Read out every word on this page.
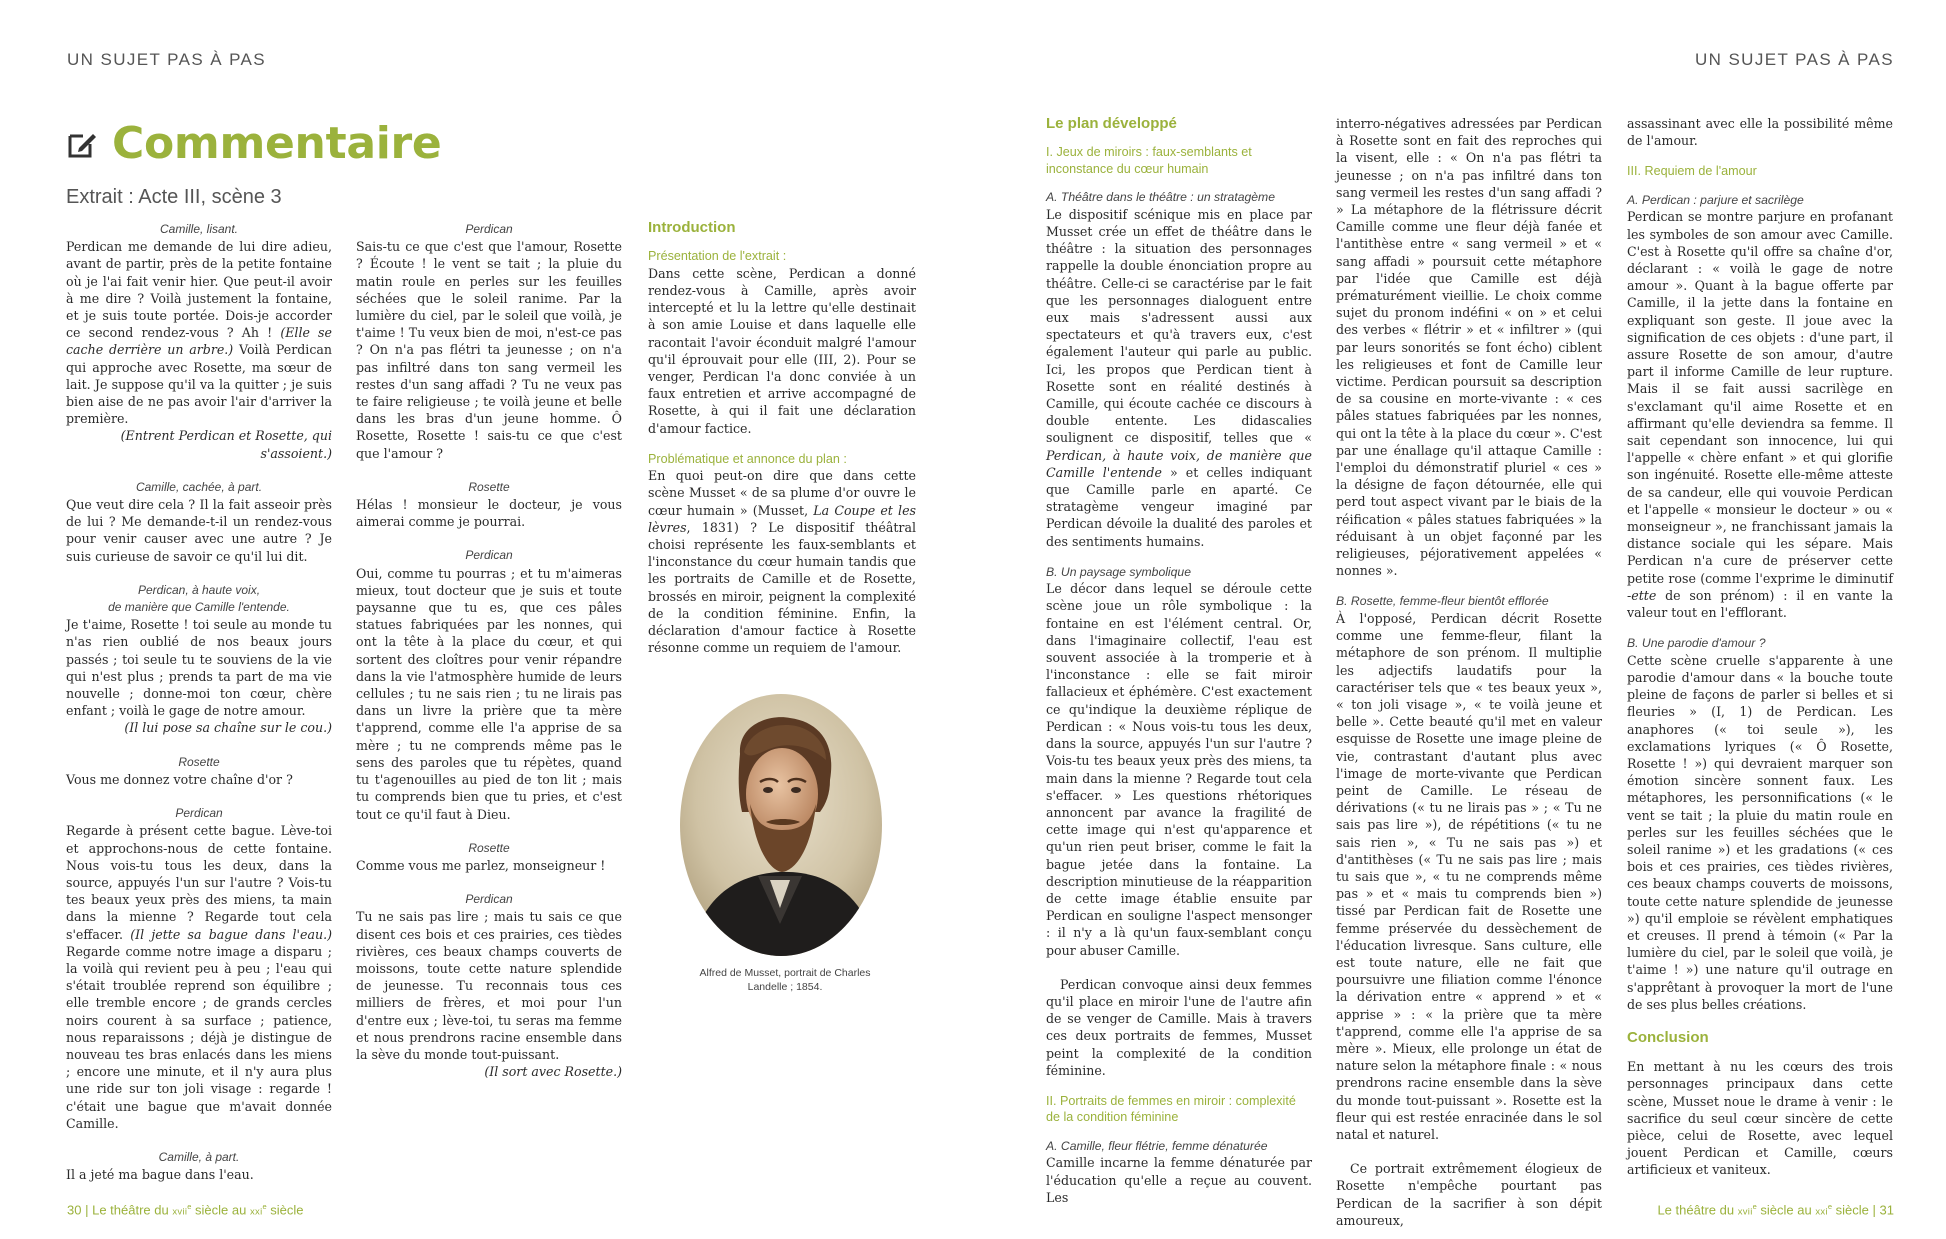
UN SUJET PAS À PAS	UN SUJET PAS À PAS
Commentaire
Extrait : Acte III, scène 3
Camille, lisant.

Perdican me demande de lui dire adieu, avant de partir, près de la petite fontaine où je l'ai fait venir hier. Que peut-il avoir à me dire ? Voilà justement la fontaine, et je suis toute portée. Dois-je accorder ce second rendez-vous ? Ah ! (Elle se cache derrière un arbre.) Voilà Perdican qui approche avec Rosette, ma sœur de lait. Je suppose qu'il va la quitter ; je suis bien aise de ne pas avoir l'air d'arriver la première.

(Entrent Perdican et Rosette, qui s'assoient.)
Camille, cachée, à part.

Que veut dire cela ? Il la fait asseoir près de lui ? Me demande-t-il un rendez-vous pour venir causer avec une autre ? Je suis curieuse de savoir ce qu'il lui dit.

Perdican, à haute voix,
de manière que Camille l'entende.

Je t'aime, Rosette ! toi seule au monde tu n'as rien oublié de nos beaux jours passés ; toi seule tu te souviens de la vie qui n'est plus ; prends ta part de ma vie nouvelle ; donne-moi ton cœur, chère enfant ; voilà le gage de notre amour.

(Il lui pose sa chaîne sur le cou.)
Rosette

Vous me donnez votre chaîne d'or ?

Perdican

Regarde à présent cette bague. Lève-toi et approchons-nous de cette fontaine. Nous vois-tu tous les deux, dans la source, appuyés l'un sur l'autre ? Vois-tu tes beaux yeux près des miens, ta main dans la mienne ? Regarde tout cela s'effacer. (Il jette sa bague dans l'eau.) Regarde comme notre image a disparu ; la voilà qui revient peu à peu ; l'eau qui s'était troublée reprend son équilibre ; elle tremble encore ; de grands cercles noirs courent à sa surface ; patience, nous reparaissons ; déjà je distingue de nouveau tes bras enlacés dans les miens ; encore une minute, et il n'y aura plus une ride sur ton joli visage : regarde ! c'était une bague que m'avait donnée Camille.

Camille, à part.

Il a jeté ma bague dans l'eau.

Perdican

Sais-tu ce que c'est que l'amour, Rosette ? Écoute ! le vent se tait ; la pluie du matin roule en perles sur les feuilles séchées que le soleil ranime. Par la lumière du ciel, par le soleil que voilà, je t'aime ! Tu veux bien de moi, n'est-ce pas ? On n'a pas flétri ta jeunesse ; on n'a pas infiltré dans ton sang vermeil les restes d'un sang affadi ? Tu ne veux pas te faire religieuse ; te voilà jeune et belle dans les bras d'un jeune homme. Ô Rosette, Rosette ! sais-tu ce que c'est que l'amour ?

Rosette

Hélas ! monsieur le docteur, je vous aimerai comme je pourrai.

Perdican

Oui, comme tu pourras ; et tu m'aimeras mieux, tout docteur que je suis et toute paysanne que tu es, que ces pâles statues fabriquées par les nonnes, qui ont la tête à la place du cœur, et qui sortent des cloîtres pour venir répandre dans la vie l'atmosphère humide de leurs cellules ; tu ne sais rien ; tu ne lirais pas dans un livre la prière que ta mère t'apprend, comme elle l'a apprise de sa mère ; tu ne comprends même pas le sens des paroles que tu répètes, quand tu t'agenouilles au pied de ton lit ; mais tu comprends bien que tu pries, et c'est tout ce qu'il faut à Dieu.

Rosette

Comme vous me parlez, monseigneur !

Perdican

Tu ne sais pas lire ; mais tu sais ce que disent ces bois et ces prairies, ces tièdes rivières, ces beaux champs couverts de moissons, toute cette nature splendide de jeunesse. Tu reconnais tous ces milliers de frères, et moi pour l'un d'entre eux ; lève-toi, tu seras ma femme et nous prendrons racine ensemble dans la sève du monde tout-puissant.

(Il sort avec Rosette.)
Introduction
Présentation de l'extrait :

Dans cette scène, Perdican a donné rendez-vous à Camille, après avoir intercepté et lu la lettre qu'elle destinait à son amie Louise et dans laquelle elle racontait l'avoir éconduit malgré l'amour qu'il éprouvait pour elle (III, 2). Pour se venger, Perdican l'a donc conviée à un faux entretien et arrive accompagné de Rosette, à qui il fait une déclaration d'amour factice.

Problématique et annonce du plan :

En quoi peut-on dire que dans cette scène Musset « de sa plume d'or ouvre le cœur humain » (Musset, La Coupe et les lèvres, 1831) ? Le dispositif théâtral choisi représente les faux-semblants et l'inconstance du cœur humain tandis que les portraits de Camille et de Rosette, brossés en miroir, peignent la complexité de la condition féminine. Enfin, la déclaration d'amour factice à Rosette résonne comme un requiem de l'amour.

Alfred de Musset, portrait de Charles Landelle ; 1854.
Le plan développé
I. Jeux de miroirs : faux-semblants et inconstance du cœur humain
A. Théâtre dans le théâtre : un stratagème

Le dispositif scénique mis en place par Musset crée un effet de théâtre dans le théâtre : la situation des personnages rappelle la double énonciation propre au théâtre. Celle-ci se caractérise par le fait que les personnages dialoguent entre eux mais s'adressent aussi aux spectateurs et qu'à travers eux, c'est également l'auteur qui parle au public. Ici, les propos que Perdican tient à Rosette sont en réalité destinés à Camille, qui écoute cachée ce discours à double entente. Les didascalies soulignent ce dispositif, telles que « Perdican, à haute voix, de manière que Camille l'entende » et celles indiquant que Camille parle en aparté. Ce stratagème vengeur imaginé par Perdican dévoile la dualité des paroles et des sentiments humains.

B. Un paysage symbolique

Le décor dans lequel se déroule cette scène joue un rôle symbolique : la fontaine en est l'élément central. Or, dans l'imaginaire collectif, l'eau est souvent associée à la tromperie et à l'inconstance : elle se fait miroir fallacieux et éphémère. C'est exactement ce qu'indique la deuxième réplique de Perdican : « Nous vois-tu tous les deux, dans la source, appuyés l'un sur l'autre ? Vois-tu tes beaux yeux près des miens, ta main dans la mienne ? Regarde tout cela s'effacer. » Les questions rhétoriques annoncent par avance la fragilité de cette image qui n'est qu'apparence et qu'un rien peut briser, comme le fait la bague jetée dans la fontaine. La description minutieuse de la réapparition de cette image établie ensuite par Perdican en souligne l'aspect mensonger : il n'y a là qu'un faux-semblant conçu pour abuser Camille.

Perdican convoque ainsi deux femmes qu'il place en miroir l'une de l'autre afin de se venger de Camille. Mais à travers ces deux portraits de femmes, Musset peint la complexité de la condition féminine.

II. Portraits de femmes en miroir : complexité de la condition féminine
A. Camille, fleur flétrie, femme dénaturée

Camille incarne la femme dénaturée par l'éducation qu'elle a reçue au couvent. Les

interro-négatives adressées par Perdican à Rosette sont en fait des reproches qui la visent, elle : « On n'a pas flétri ta jeunesse ; on n'a pas infiltré dans ton sang vermeil les restes d'un sang affadi ? » La métaphore de la flétrissure décrit Camille comme une fleur déjà fanée et l'antithèse entre « sang vermeil » et « sang affadi » poursuit cette métaphore par l'idée que Camille est déjà prématurément vieillie. Le choix comme sujet du pronom indéfini « on » et celui des verbes « flétrir » et « infiltrer » (qui par leurs sonorités se font écho) ciblent les religieuses et font de Camille leur victime. Perdican poursuit sa description de sa cousine en morte-vivante : « ces pâles statues fabriquées par les nonnes, qui ont la tête à la place du cœur ». C'est par une énallage qu'il attaque Camille : l'emploi du démonstratif pluriel « ces » la désigne de façon détournée, elle qui perd tout aspect vivant par le biais de la réification « pâles statues fabriquées » la réduisant à un objet façonné par les religieuses, péjorativement appelées « nonnes ».

B. Rosette, femme-fleur bientôt efflorée

À l'opposé, Perdican décrit Rosette comme une femme-fleur, filant la métaphore de son prénom. Il multiplie les adjectifs laudatifs pour la caractériser tels que « tes beaux yeux », « ton joli visage », « te voilà jeune et belle ». Cette beauté qu'il met en valeur esquisse de Rosette une image pleine de vie, contrastant d'autant plus avec l'image de morte-vivante que Perdican peint de Camille. Le réseau de dérivations (« tu ne lirais pas » ; « Tu ne sais pas lire »), de répétitions (« tu ne sais rien », « Tu ne sais pas ») et d'antithèses (« Tu ne sais pas lire ; mais tu sais que », « tu ne comprends même pas » et « mais tu comprends bien ») tissé par Perdican fait de Rosette une femme préservée du dessèchement de l'éducation livresque. Sans culture, elle est toute nature, elle ne fait que poursuivre une filiation comme l'énonce la dérivation entre « apprend » et « apprise » : « la prière que ta mère t'apprend, comme elle l'a apprise de sa mère ». Mieux, elle prolonge un état de nature selon la métaphore finale : « nous prendrons racine ensemble dans la sève du monde tout-puissant ». Rosette est la fleur qui est restée enracinée dans le sol natal et naturel.

Ce portrait extrêmement élogieux de Rosette n'empêche pourtant pas Perdican de la sacrifier à son dépit amoureux,

assassinant avec elle la possibilité même de l'amour.

III. Requiem de l'amour
A. Perdican : parjure et sacrilège

Perdican se montre parjure en profanant les symboles de son amour avec Camille. C'est à Rosette qu'il offre sa chaîne d'or, déclarant : « voilà le gage de notre amour ». Quant à la bague offerte par Camille, il la jette dans la fontaine en expliquant son geste. Il joue avec la signification de ces objets : d'une part, il assure Rosette de son amour, d'autre part il informe Camille de leur rupture. Mais il se fait aussi sacrilège en s'exclamant qu'il aime Rosette et en affirmant qu'elle deviendra sa femme. Il sait cependant son innocence, lui qui l'appelle « chère enfant » et qui glorifie son ingénuité. Rosette elle-même atteste de sa candeur, elle qui vouvoie Perdican et l'appelle « monsieur le docteur » ou « monseigneur », ne franchissant jamais la distance sociale qui les sépare. Mais Perdican n'a cure de préserver cette petite rose (comme l'exprime le diminutif -ette de son prénom) : il en vante la valeur tout en l'efflorant.

B. Une parodie d'amour ?

Cette scène cruelle s'apparente à une parodie d'amour dans « la bouche toute pleine de façons de parler si belles et si fleuries » (I, 1) de Perdican. Les anaphores (« toi seule »), les exclamations lyriques (« Ô Rosette, Rosette ! ») qui devraient marquer son émotion sincère sonnent faux. Les métaphores, les personnifications (« le vent se tait ; la pluie du matin roule en perles sur les feuilles séchées que le soleil ranime ») et les gradations (« ces bois et ces prairies, ces tièdes rivières, ces beaux champs couverts de moissons, toute cette nature splendide de jeunesse ») qu'il emploie se révèlent emphatiques et creuses. Il prend à témoin (« Par la lumière du ciel, par le soleil que voilà, je t'aime ! ») une nature qu'il outrage en s'apprêtant à provoquer la mort de l'une de ses plus belles créations.

Conclusion

En mettant à nu les cœurs des trois personnages principaux dans cette scène, Musset noue le drame à venir : le sacrifice du seul cœur sincère de cette pièce, celui de Rosette, avec lequel jouent Perdican et Camille, cœurs artificieux et vaniteux.

30 | Le théâtre du xvii$^e$ siècle au xxi$^e$ siècle	Le théâtre du xvii$^e$ siècle au xxi$^e$ siècle | 31
